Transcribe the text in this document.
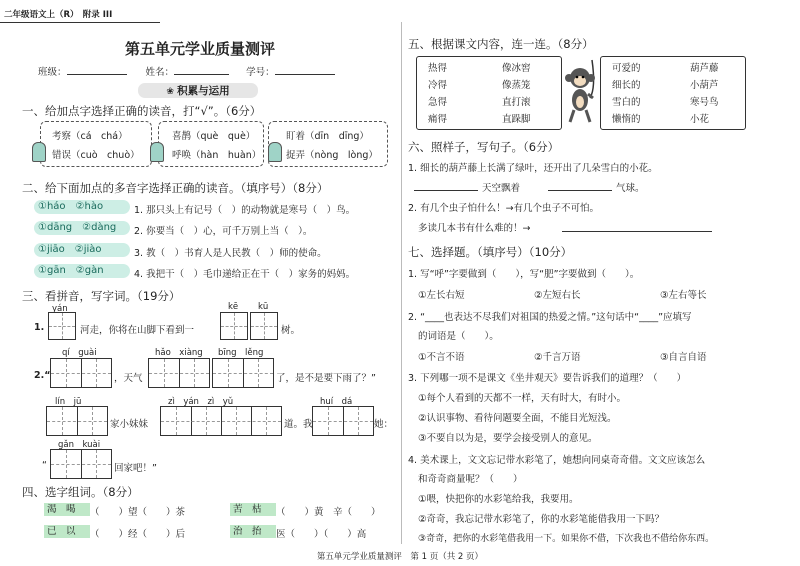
二年级语文上（R）　附录 III
第五单元学业质量测评
班级：	姓名：	学号：
❀ 积累与运用
一、给加点字选择正确的读音，打“√”。（6分）
考察（cá　chá）
错误（cuò　chuò）
喜鹊（què　què）
呼唤（hàn　huàn）
盯着（dīn　dīng）
捉弄（nòng　lòng）
二、给下面加点的多音字选择正确的读音。（填序号）（8分）
①háo　②hào
①dāng　②dàng
①jiāo　②jiào
①gān　②gàn
1. 那只头上有记号（　）的动物就是寒号（　）鸟。
2. 你要当（　）心，可千万别上当（　）。
3. 教（　）书育人是人民教（　）师的使命。
4. 我把干（　）毛巾递给正在干（　）家务的妈妈。
三、看拼音，写字词。（19分）
yán	kē kū
1.	河走，你将在山脚下看到一	树。
qí　guài	hǎo　xiàng bīng　lěng
2.“	，天气	了，是不是要下雨了？”
lín　jū	zì　yán　zì　yǔ	huí　dá
家小妹妹	道。我	她：
gǎn　kuài
“	回家吧！”
四、选字组词。（8分）
渴　喝	（　　）望（　　）茶	苦　枯	（　　）黄　辛（　　）
已　以	（　　）经（　　）后	治　抬	医（　　）（　　）高
五、根据课文内容，连一连。（8分）
热得	像冰窖
冷得	像蒸笼
急得	直打滚
痛得	直跺脚
可爱的	葫芦藤
细长的	小葫芦
雪白的	寒号鸟
懒惰的	小花
六、照样子，写句子。（6分）
1. 细长的葫芦藤上长满了绿叶，还开出了几朵雪白的小花。
天空飘着	气球。
2. 有几个虫子怕什么！→有几个虫子不可怕。
多读几本书有什么难的！→
七、选择题。（填序号）（10分）
1. 写“呼”字要做到（　　），写“肥”字要做到（　　）。
①左长右短	②左短右长	③左右等长
2. “____也表达不尽我们对祖国的热爱之情。”这句话中“____”应填写
的词语是（　　）。
①不言不语	②千言万语	③自言自语
3. 下列哪一项不是课文《坐井观天》要告诉我们的道理？（　　）
①每个人看到的天都不一样，天有时大，有时小。
②认识事物、看待问题要全面，不能目光短浅。
③不要自以为是，要学会接受别人的意见。
4. 美术课上，文文忘记带水彩笔了，她想向同桌奇奇借。文文应该怎么
和奇奇商量呢？（　　）
①喂，快把你的水彩笔给我，我要用。
②奇奇，我忘记带水彩笔了，你的水彩笔能借我用一下吗？
③奇奇，把你的水彩笔借我用一下。如果你不借，下次我也不借给你东西。
第五单元学业质量测评　第 1 页（共 2 页）
